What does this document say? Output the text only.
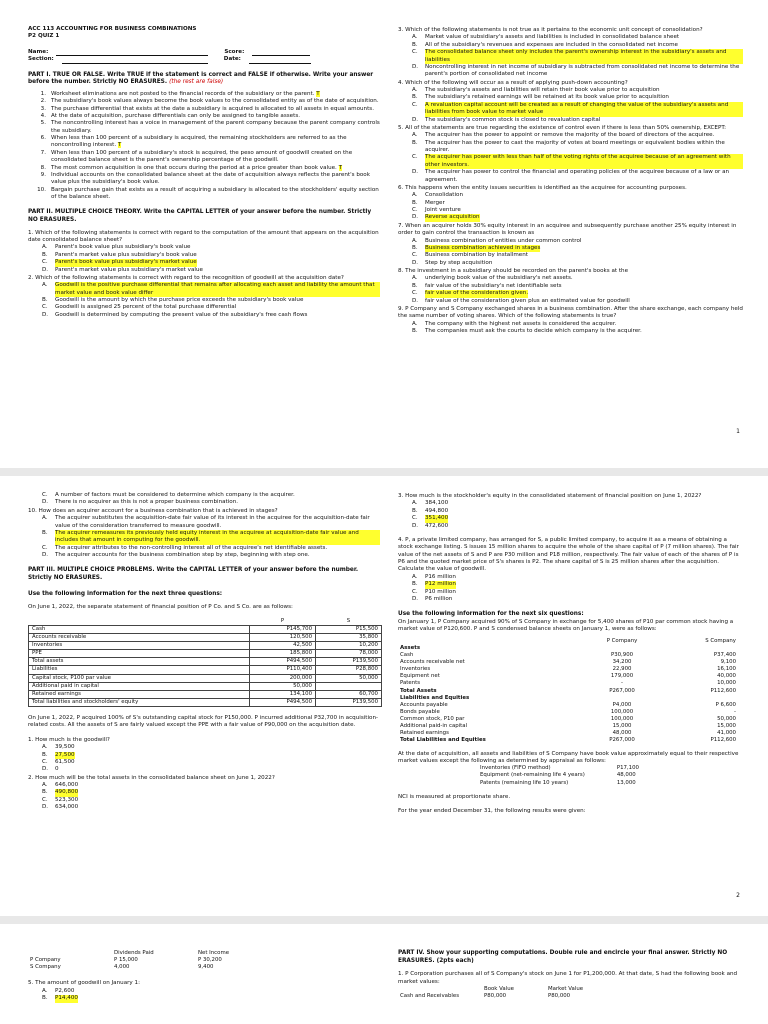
ACC 113 ACCOUNTING FOR BUSINESS COMBINATIONS
P2 QUIZ 1
Name:	Score:
Section:	Date:
PART I. TRUE OR FALSE. Write TRUE if the statement is correct and FALSE if otherwise. Write your answer before the number. Strictly NO ERASURES. (the rest are false)
1. Worksheet eliminations are not posted to the financial records of the subsidiary or the parent. T
2. The subsidiary's book values always become the book values to the consolidated entity as of the date of acquisition.
3. The purchase differential that exists at the date a subsidiary is acquired is allocated to all assets in equal amounts.
4. At the date of acquisition, purchase differentials can only be assigned to tangible assets.
5. The noncontrolling interest has a voice in management of the parent company because the parent company controls the subsidiary.
6. When less than 100 percent of a subsidiary is acquired, the remaining stockholders are referred to as the noncontrolling interest. T
7. When less than 100 percent of a subsidiary's stock is acquired, the peso amount of goodwill created on the consolidated balance sheet is the parent's ownership percentage of the goodwill.
8. The most common acquisition is one that occurs during the period at a price greater than book value. T
9. Individual accounts on the consolidated balance sheet at the date of acquisition always reflects the parent's book value plus the subsidiary's book value.
10. Bargain purchase gain that exists as a result of acquiring a subsidiary is allocated to the stockholders' equity section of the balance sheet.
PART II. MULTIPLE CHOICE THEORY. Write the CAPITAL LETTER of your answer before the number. Strictly NO ERASURES.
1. Which of the following statements is correct with regard to the computation of the amount that appears on the acquisition date consolidated balance sheet?
A.	Parent's book value plus subsidiary's book value
B.	Parent's market value plus subsidiary's book value
C.	Parent's book value plus subsidiary's market value
D.	Parent's market value plus subsidiary's market value
2. Which of the following statements is correct with regard to the recognition of goodwill at the acquisition date?
A.	Goodwill is the positive purchase differential that remains after allocating each asset and liability the amount that market value and book value differ
B.	Goodwill is the amount by which the purchase price exceeds the subsidiary's book value
C.	Goodwill is assigned 25 percent of the total purchase differential
D.	Goodwill is determined by computing the present value of the subsidiary's free cash flows
3. Which of the following statements is not true as it pertains to the economic unit concept of consolidation?
A.	Market value of subsidiary's assets and liabilities is included in consolidated balance sheet
B.	All of the subsidiary's revenues and expenses are included in the consolidated net income
C.	The consolidated balance sheet only includes the parent's ownership interest in the subsidiary's assets and liabilities
D.	Noncontrolling interest in net income of subsidiary is subtracted from consolidated net income to determine the parent's portion of consolidated net income
4. Which of the following will occur as a result of applying push-down accounting?
A.	The subsidiary's assets and liabilities will retain their book value prior to acquisition
B.	The subsidiary's retained earnings will be retained at its book value prior to acquisition
C.	A revaluation capital account will be created as a result of changing the value of the subsidiary's assets and liabilities from book value to market value
D.	The subsidiary's common stock is closed to revaluation capital
5. All of the statements are true regarding the existence of control even if there is less than 50% ownership, EXCEPT:
A.	The acquirer has the power to appoint or remove the majority of the board of directors of the acquiree.
B.	The acquirer has the power to cast the majority of votes at board meetings or equivalent bodies within the acquirer.
C.	The acquirer has power with less than half of the voting rights of the acquiree because of an agreement with other investors.
D.	The acquirer has power to control the financial and operating policies of the acquiree because of a law or an agreement.
6. This happens when the entity issues securities is identified as the acquiree for accounting purposes.
A.	Consolidation
B.	Merger
C.	Joint venture
D.	Reverse acquisition
7. When an acquirer holds 30% equity interest in an acquiree and subsequently purchase another 25% equity interest in order to gain control the transaction is known as
A.	Business combination of entities under common control
B.	Business combination achieved in stages
C.	Business combination by installment
D.	Step by step acquisition
8. The investment in a subsidiary should be recorded on the parent's books at the
A.	underlying book value of the subsidiary's net assets.
B.	fair value of the subsidiary's net identifiable sets
C.	fair value of the consideration given.
D.	fair value of the consideration given plus an estimated value for goodwill
9. P Company and S Company exchanged shares in a business combination. After the share exchange, each company held the same number of voting shares. Which of the following statements is true?
A.	The company with the highest net assets is considered the acquirer.
B.	The companies must ask the courts to decide which company is the acquirer.
1
C.	A number of factors must be considered to determine which company is the acquirer.
D.	There is no acquirer as this is not a proper business combination.
10. How does an acquirer account for a business combination that is achieved in stages?
A.	The acquirer substitutes the acquisition-date fair value of its interest in the acquiree for the acquisition-date fair value of the consideration transferred to measure goodwill.
B.	The acquirer remeasures its previously held equity interest in the acquiree at acquisition-date fair value and includes that amount in computing for the goodwill.
C.	The acquirer attributes to the non-controlling interest all of the acquiree's net identifiable assets.
D.	The acquirer accounts for the business combination step by step, beginning with step one.
PART III. MULTIPLE CHOICE PROBLEMS. Write the CAPITAL LETTER of your answer before the number. Strictly NO ERASURES.
Use the following information for the next three questions:
On June 1, 2022, the separate statement of financial position of P Co. and S Co. are as follows:
	P	S
Cash	P145,700	P15,500
Accounts receivable	120,500	35,800
Inventories	42,500	10,200
PPE	185,800	78,000
Total assets	P494,500	P139,500
Liabilities	P110,400	P28,800
Capital stock, P100 par value	200,000	50,000
Additional paid in capital	50,000	
Retained earnings	134,100	60,700
Total liabilities and stockholders' equity	P494,500	P139,500
On June 1, 2022, P acquired 100% of S's outstanding capital stock for P150,000. P incurred additional P32,700 in acquisition-related costs. All the assets of S are fairly valued except the PPE with a fair value of P90,000 on the acquisition date.
1. How much is the goodwill?
A.	39,500
B.	27,500
C.	61,500
D.	0
2. How much will be the total assets in the consolidated balance sheet on June 1, 2022?
A.	646,000
B.	490,800
C.	523,300
D.	634,000
3. How much is the stockholder's equity in the consolidated statement of financial position on June 1, 2022?
A.	384,100
B.	494,800
C.	351,400
D.	472,600
4. P, a private limited company, has arranged for S, a public limited company, to acquire it as a means of obtaining a stock exchange listing. S issues 15 million shares to acquire the whole of the share capital of P (7 million shares). The fair value of the net assets of S and P are P30 million and P18 million, respectively. The fair value of each of the shares of P is P6 and the quoted market price of S's shares is P2. The share capital of S is 25 million shares after the acquisition. Calculate the value of goodwill.
A.	P16 million
B.	P12 million
C.	P10 million
D.	P6 million
Use the following information for the next six questions:
On January 1, P Company acquired 90% of S Company in exchange for 5,400 shares of P10 par common stock having a market value of P120,600. P and S condensed balance sheets on January 1, were as follows:
	P Company	S Company
Assets		
Cash	P30,900	P37,400
Accounts receivable net	34,200	9,100
Inventories	22,900	16,100
Equipment net	179,000	40,000
Patents	-	10,000
Total Assets	P267,000	P112,600
Liabilities and Equities		
Accounts payable	P4,000	P 6,600
Bonds payable	100,000	-
Common stock, P10 par	100,000	50,000
Additional paid-in capital	15,000	15,000
Retained earnings	48,000	41,000
Total Liabilities and Equities	P267,000	P112,600
At the date of acquisition, all assets and liabilities of S Company have book value approximately equal to their respective market values except the following as determined by appraisal as follows:
Inventories (FIFO method)	P17,100
Equipment (net-remaining life 4 years)	48,000
Patents (remaining life 10 years)	13,000
NCI is measured at proportionate share.
For the year ended December 31, the following results were given:
2
	Dividends Paid	Net Income
P Company	P 15,000	P 30,200
S Company	4,000	9,400
5. The amount of goodwill on January 1:
A.	P2,600
B.	P14,400
PART IV. Show your supporting computations. Double rule and encircle your final answer. Strictly NO ERASURES. (2pts each)
1. P Corporation purchases all of S Company's stock on June 1 for P1,200,000. At that date, S had the following book and market values:
	Book Value	Market Value
Cash and Receivables	P80,000	P80,000
